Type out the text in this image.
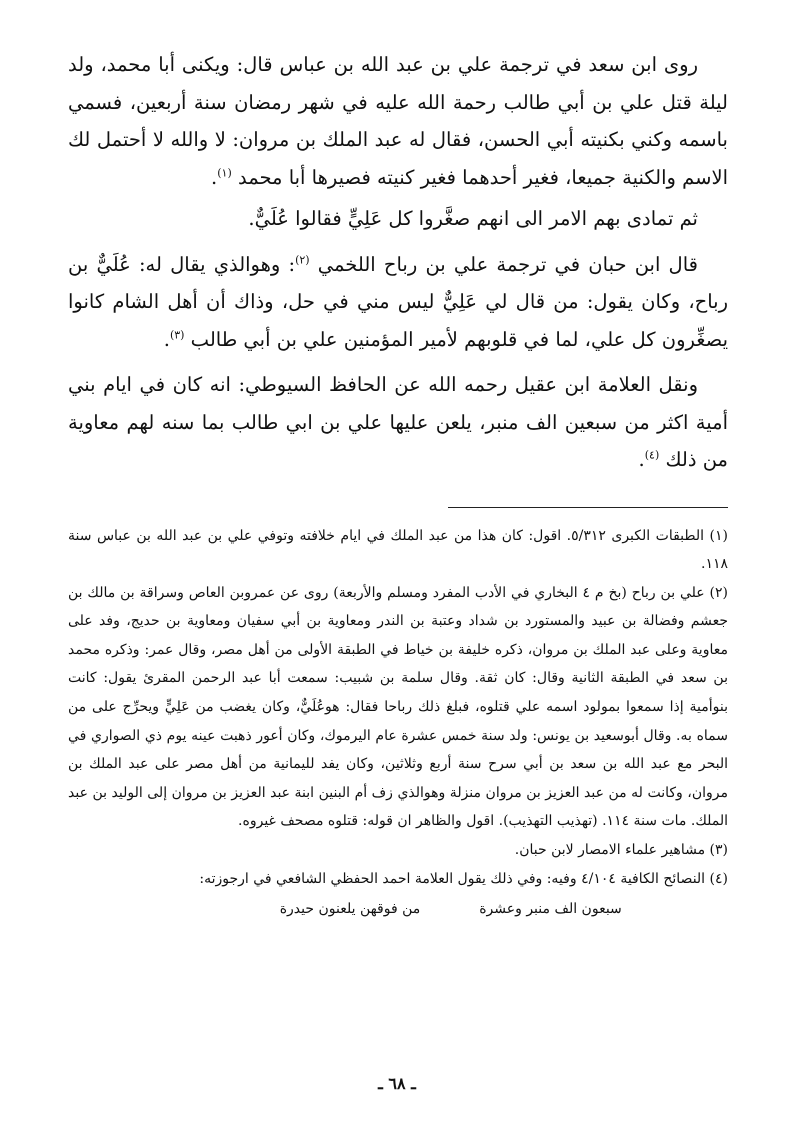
روى ابن سعد في ترجمة علي بن عبد الله بن عباس قال: ويكنى أبا محمد، ولد ليلة قتل علي بن أبي طالب رحمة الله عليه في شهر رمضان سنة أربعين، فسمي باسمه وكني بكنيته أبي الحسن، فقال له عبد الملك بن مروان: لا والله لا أحتمل لك الاسم والكنية جميعا، فغير أحدهما فغير كنيته فصيرها أبا محمد $^{(١)}$.

ثم تمادى بهم الامر الى انهم صغَّروا كل عَلِيٍّ فقالوا عُلَيٌّ.

قال ابن حبان في ترجمة علي بن رباح اللخمي $^{(٢)}$: وهوالذي يقال له: عُلَيٌّ بن رباح، وكان يقول: من قال لي عَلِيٌّ ليس مني في حل، وذاك أن أهل الشام كانوا يصغِّرون كل علي، لما في قلوبهم لأمير المؤمنين علي بن أبي طالب $^{(٣)}$.

ونقل العلامة ابن عقيل رحمه الله عن الحافظ السيوطي: انه كان في ايام بني أمية اكثر من سبعين الف منبر، يلعن عليها علي بن ابي طالب بما سنه لهم معاوية من ذلك $^{(٤)}$.

(١) الطبقات الكبرى ٥/٣١٢. اقول: كان هذا من عبد الملك في ايام خلافته وتوفي علي بن عبد الله بن عباس سنة ١١٨.

(٢) علي بن رباح (بخ م ٤ البخاري في الأدب المفرد ومسلم والأربعة) روى عن عمروبن العاص وسراقة بن مالك بن جعشم وفضالة بن عبيد والمستورد بن شداد وعتبة بن الندر ومعاوية بن أبي سفيان ومعاوية بن حديج، وفد على معاوية وعلى عبد الملك بن مروان، ذكره خليفة بن خياط في الطبقة الأولى من أهل مصر، وقال عمر: وذكره محمد بن سعد في الطبقة الثانية وقال: كان ثقة. وقال سلمة بن شبيب: سمعت أبا عبد الرحمن المقرئ يقول: كانت بنوأمية إذا سمعوا بمولود اسمه علي قتلوه، فبلغ ذلك رباحا فقال: هوعُلَيٌّ، وكان يغضب من عَلِيٍّ ويحرِّج على من سماه به. وقال أبوسعيد بن يونس: ولد سنة خمس عشرة عام اليرموك، وكان أعور ذهبت عينه يوم ذي الصواري في البحر مع عبد الله بن سعد بن أبي سرح سنة أربع وثلاثين، وكان يفد لليمانية من أهل مصر على عبد الملك بن مروان، وكانت له من عبد العزيز بن مروان منزلة وهوالذي زف أم البنين ابنة عبد العزيز بن مروان إلى الوليد بن عبد الملك. مات سنة ١١٤. (تهذيب التهذيب). اقول والظاهر ان قوله: قتلوه مصحف غيروه.

(٣) مشاهير علماء الامصار لابن حبان.

(٤) النصائح الكافية ٤/١٠٤ وفيه: وفي ذلك يقول العلامة احمد الحفظي الشافعي في ارجوزته:

سبعون الف منبر وعشرةمن فوقهن يلعنون حيدرة
ـ ٦٨ ـ
